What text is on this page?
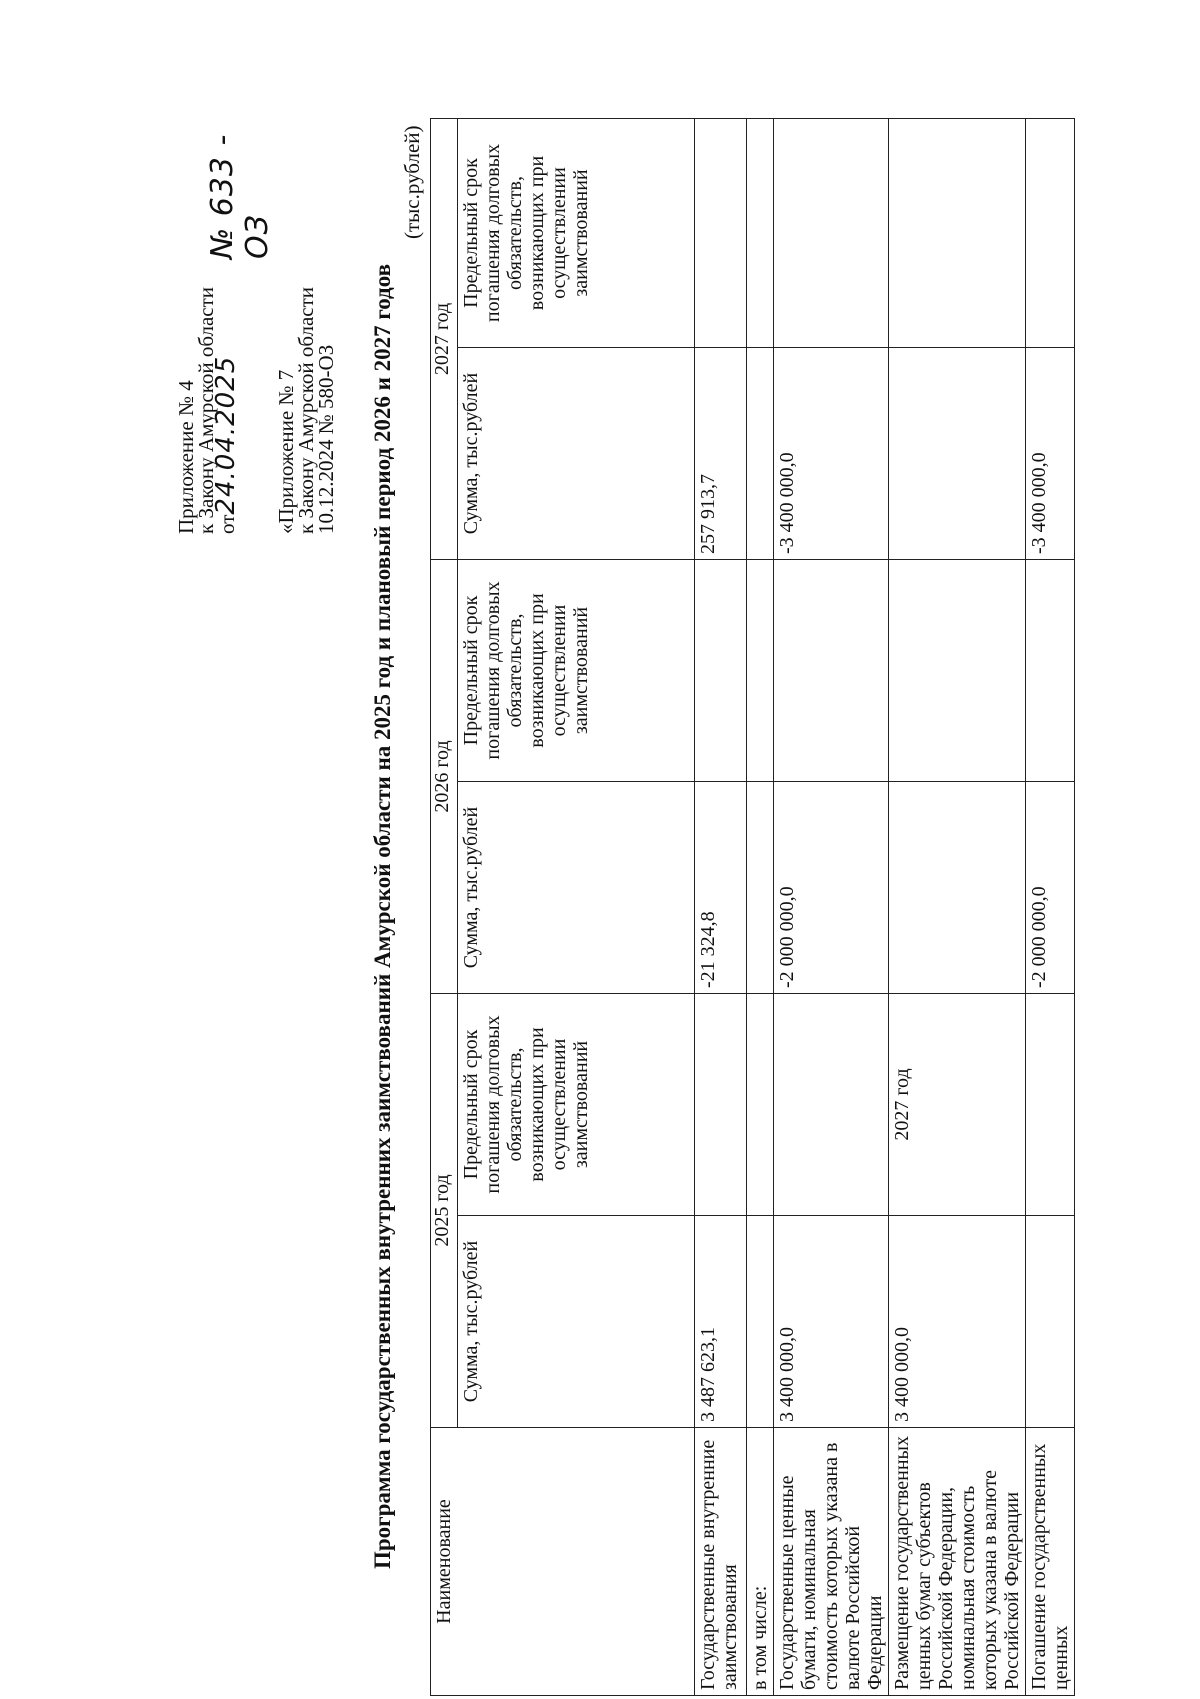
Приложение № 4
к Закону Амурской области
от24.04.2025
№ 633 - ОЗ
«Приложение № 7
к Закону Амурской области
10.12.2024 № 580-ОЗ Программа государственных внутренних заимствований Амурской области на 2025 год и плановый период 2026 и 2027 годов
(тыс.рублей)
Наименование	2025 год		2026 год		2027 год	
	Сумма, тыс.рублей	Предельный срок погашения долговых обязательств, возникающих при осуществлении заимствований	Сумма, тыс.рублей	Предельный срок погашения долговых обязательств, возникающих при осуществлении заимствований	Сумма, тыс.рублей	Предельный срок погашения долговых обязательств, возникающих при осуществлении заимствований
Государственные внутренние заимствования	3 487 623,1		-21 324,8		257 913,7	
в том числе:						
Государственные ценные бумаги, номинальная стоимость которых указана в валюте Российской Федерации	3 400 000,0		-2 000 000,0		-3 400 000,0	
Размещение государственных ценных бумаг субъектов Российской Федерации, номинальная стоимость которых указана в валюте Российской Федерации	3 400 000,0	2027 год				
Погашение государственных ценных			-2 000 000,0		-3 400 000,0	
